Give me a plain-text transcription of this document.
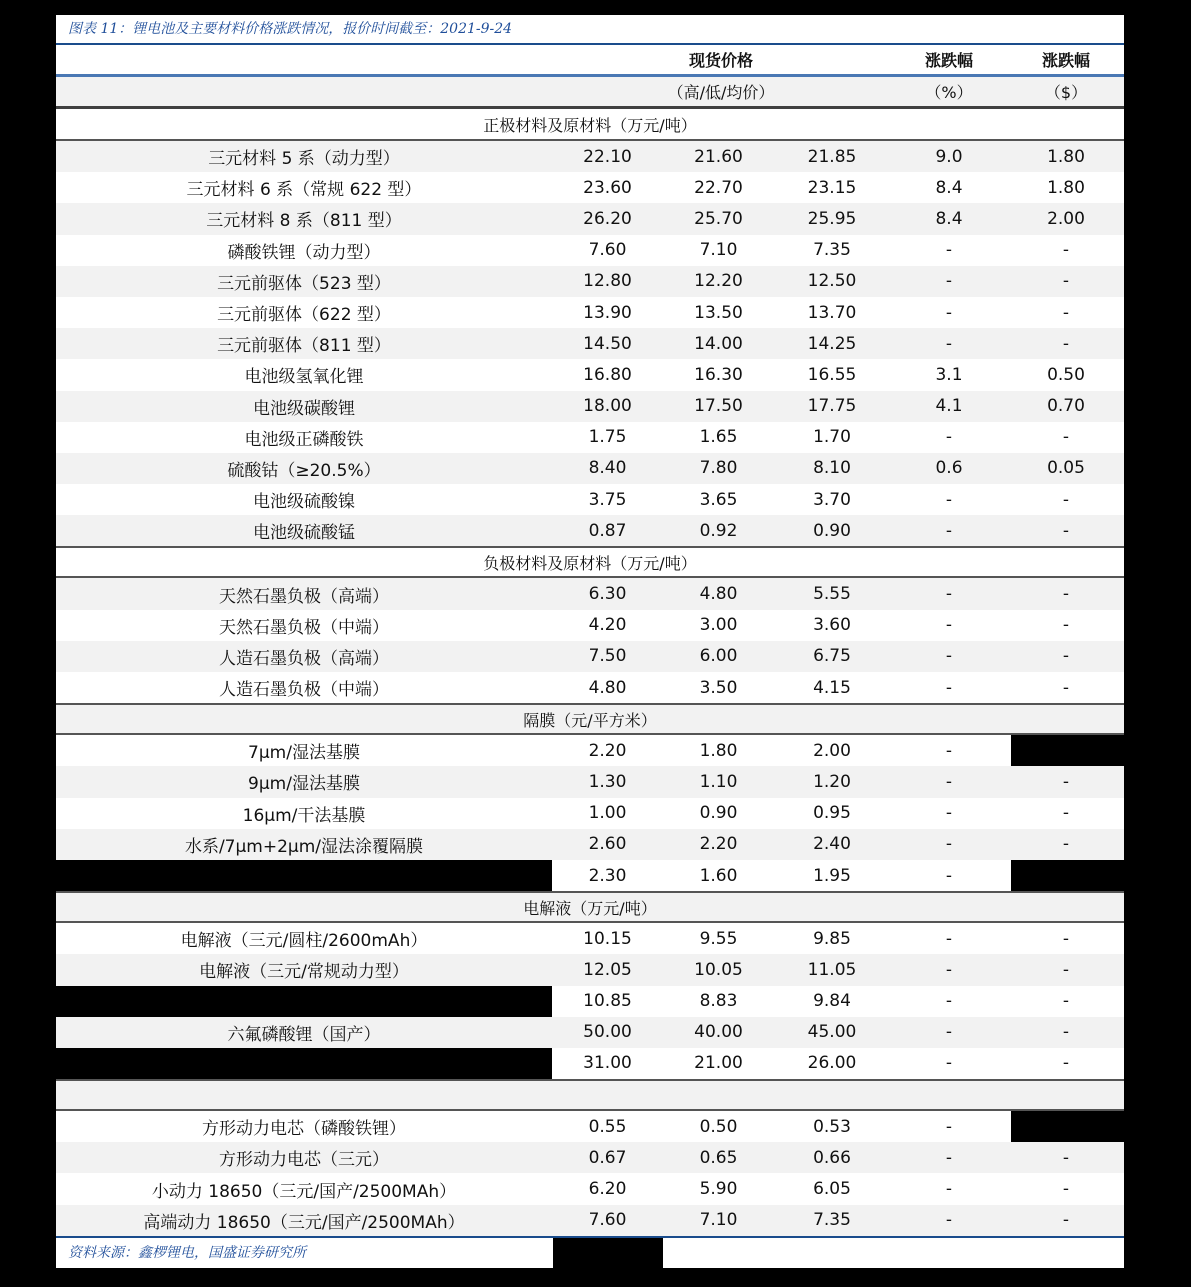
图表 11：锂电池及主要材料价格涨跌情况，报价时间截至：2021-9-24
现货价格	涨跌幅	涨跌幅
（高/低/均价）	（%）	（$）
正极材料及原材料（万元/吨）
三元材料 5 系（动力型）	22.10	21.60	21.85	9.0	1.80
三元材料 6 系（常规 622 型）	23.60	22.70	23.15	8.4	1.80
三元材料 8 系（811 型）	26.20	25.70	25.95	8.4	2.00
磷酸铁锂（动力型）	7.60	7.10	7.35	-	-
三元前驱体（523 型）	12.80	12.20	12.50	-	-
三元前驱体（622 型）	13.90	13.50	13.70	-	-
三元前驱体（811 型）	14.50	14.00	14.25	-	-
电池级氢氧化锂	16.80	16.30	16.55	3.1	0.50
电池级碳酸锂	18.00	17.50	17.75	4.1	0.70
电池级正磷酸铁	1.75	1.65	1.70	-	-
硫酸钴（≥20.5%）	8.40	7.80	8.10	0.6	0.05
电池级硫酸镍	3.75	3.65	3.70	-	-
电池级硫酸锰	0.87	0.92	0.90	-	-
负极材料及原材料（万元/吨）
天然石墨负极（高端）	6.30	4.80	5.55	-	-
天然石墨负极（中端）	4.20	3.00	3.60	-	-
人造石墨负极（高端）	7.50	6.00	6.75	-	-
人造石墨负极（中端）	4.80	3.50	4.15	-	-
隔膜（元/平方米）
7μm/湿法基膜	2.20	1.80	2.00	-
9μm/湿法基膜	1.30	1.10	1.20	-	-
16μm/干法基膜	1.00	0.90	0.95	-	-
水系/7μm+2μm/湿法涂覆隔膜	2.60	2.20	2.40	-	-
2.30	1.60	1.95	-
电解液（万元/吨）
电解液（三元/圆柱/2600mAh）	10.15	9.55	9.85	-	-
电解液（三元/常规动力型）	12.05	10.05	11.05	-	-
10.85	8.83	9.84	-	-
六氟磷酸锂（国产）	50.00	40.00	45.00	-	-
31.00	21.00	26.00	-	-
方形动力电芯（磷酸铁锂）	0.55	0.50	0.53	-
方形动力电芯（三元）	0.67	0.65	0.66	-	-
小动力 18650（三元/国产/2500MAh）	6.20	5.90	6.05	-	-
高端动力 18650（三元/国产/2500MAh）	7.60	7.10	7.35	-	-
资料来源：鑫椤锂电，国盛证券研究所
